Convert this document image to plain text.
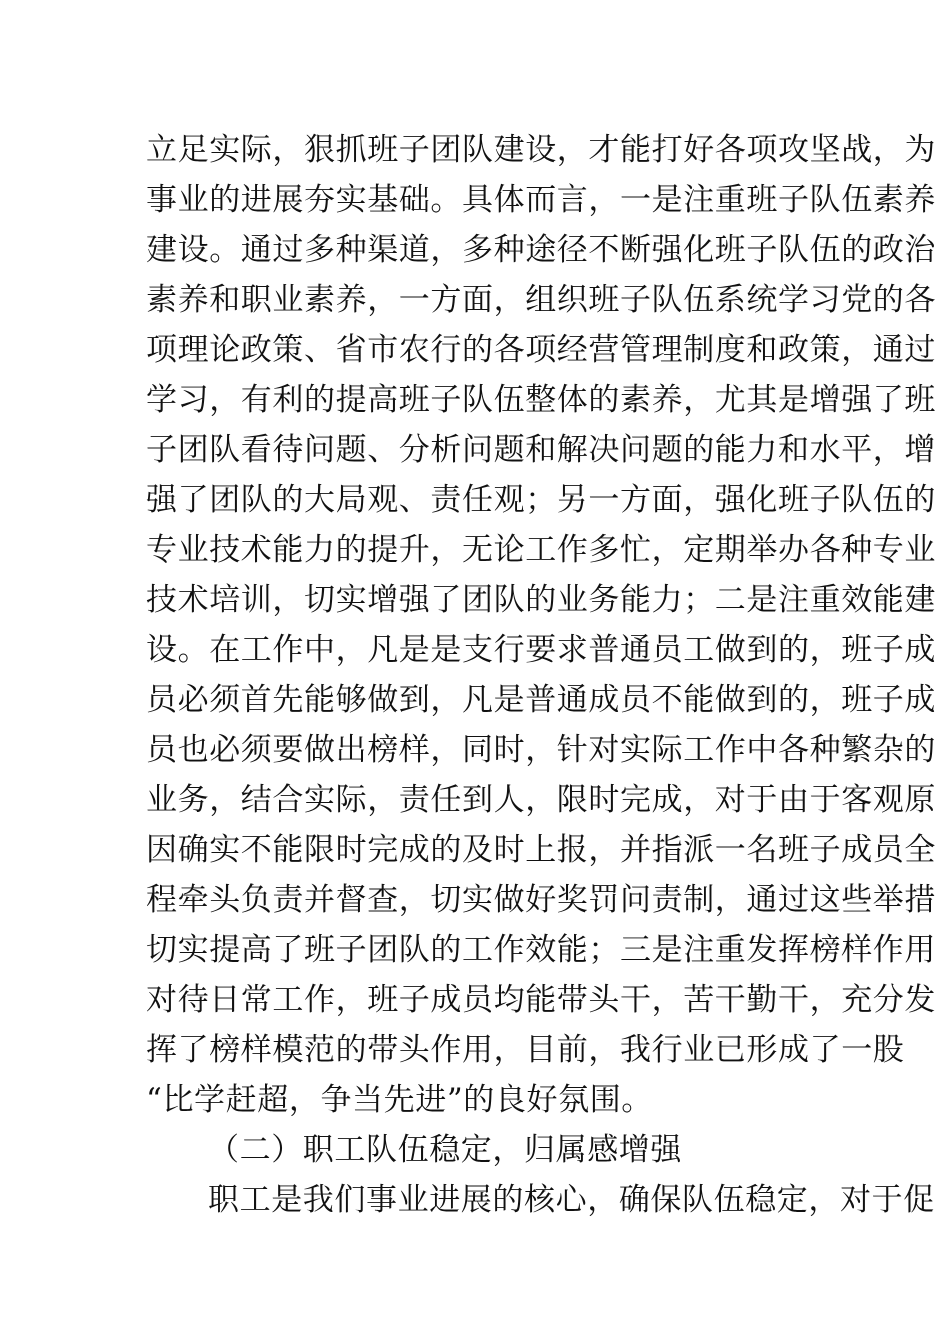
立足实际，狠抓班子团队建设，才能打好各项攻坚战，为
事业的进展夯实基础。具体而言，一是注重班子队伍素养
建设。通过多种渠道，多种途径不断强化班子队伍的政治
素养和职业素养，一方面，组织班子队伍系统学习党的各
项理论政策、省市农行的各项经营管理制度和政策，通过
学习，有利的提高班子队伍整体的素养，尤其是增强了班
子团队看待问题、分析问题和解决问题的能力和水平，增
强了团队的大局观、责任观；另一方面，强化班子队伍的
专业技术能力的提升，无论工作多忙，定期举办各种专业
技术培训，切实增强了团队的业务能力；二是注重效能建
设。在工作中，凡是是支行要求普通员工做到的，班子成
员必须首先能够做到，凡是普通成员不能做到的，班子成
员也必须要做出榜样，同时，针对实际工作中各种繁杂的
业务，结合实际，责任到人，限时完成，对于由于客观原
因确实不能限时完成的及时上报，并指派一名班子成员全
程牵头负责并督查，切实做好奖罚问责制，通过这些举措
切实提高了班子团队的工作效能；三是注重发挥榜样作用
对待日常工作，班子成员均能带头干，苦干勤干，充分发
挥了榜样模范的带头作用，目前，我行业已形成了一股
“比学赶超，争当先进”的良好氛围。
（二）职工队伍稳定，归属感增强
职工是我们事业进展的核心，确保队伍稳定，对于促
